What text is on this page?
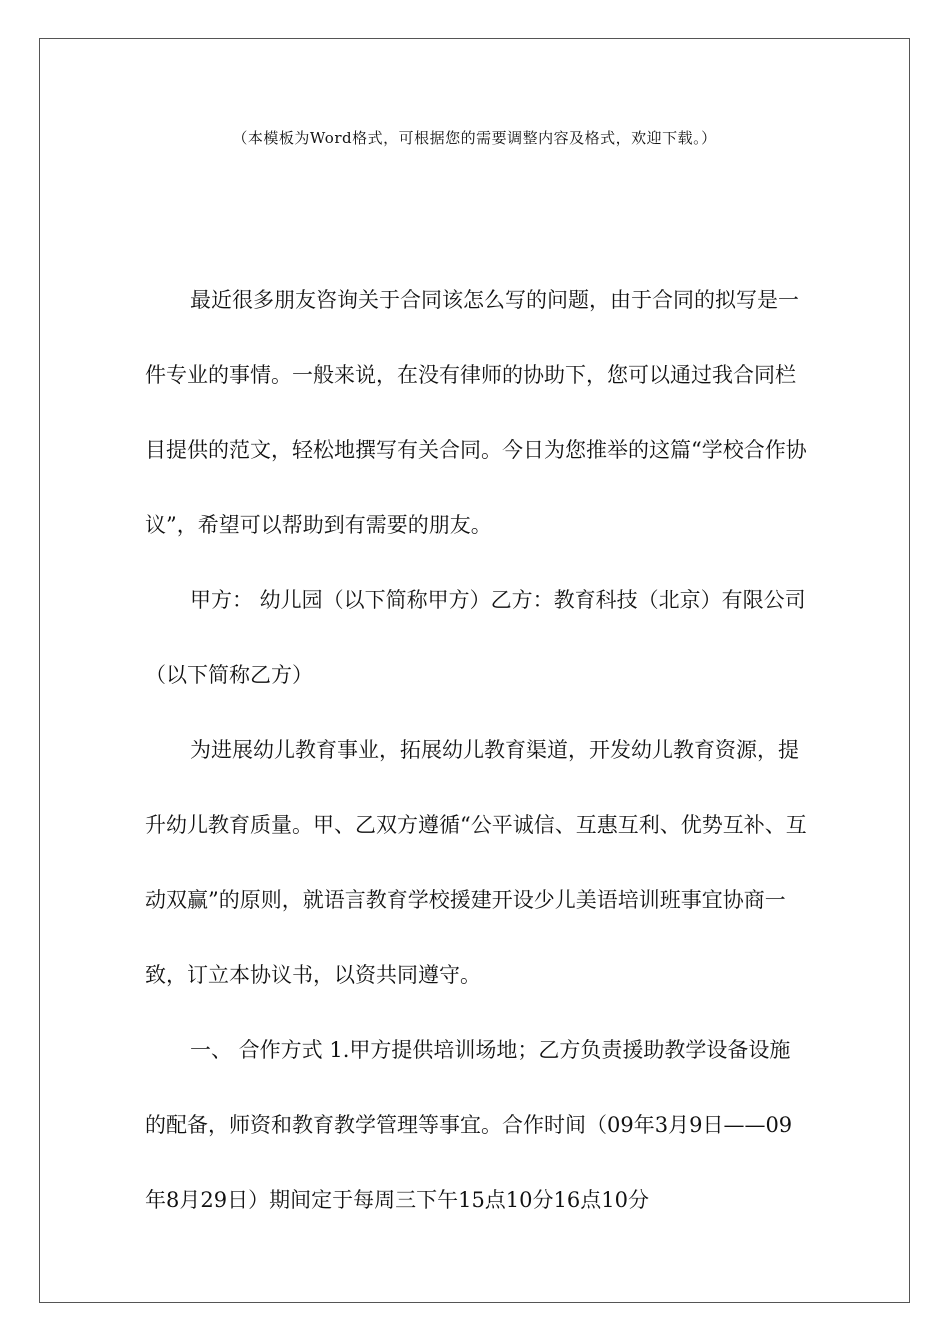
（本模板为Word格式，可根据您的需要调整内容及格式，欢迎下载。）

最近很多朋友咨询关于合同该怎么写的问题，由于合同的拟写是一件专业的事情。一般来说，在没有律师的协助下，您可以通过我合同栏目提供的范文，轻松地撰写有关合同。今日为您推举的这篇“学校合作协议”，希望可以帮助到有需要的朋友。

甲方： 幼儿园（以下简称甲方）乙方：教育科技（北京）有限公司（以下简称乙方）

为进展幼儿教育事业，拓展幼儿教育渠道，开发幼儿教育资源，提升幼儿教育质量。甲、乙双方遵循“公平诚信、互惠互利、优势互补、互动双赢”的原则，就语言教育学校援建开设少儿美语培训班事宜协商一致，订立本协议书，以资共同遵守。

一、 合作方式 1.甲方提供培训场地；乙方负责援助教学设备设施的配备，师资和教育教学管理等事宜。合作时间（09年3月9日——09年8月29日）期间定于每周三下午15点10分16点10分
